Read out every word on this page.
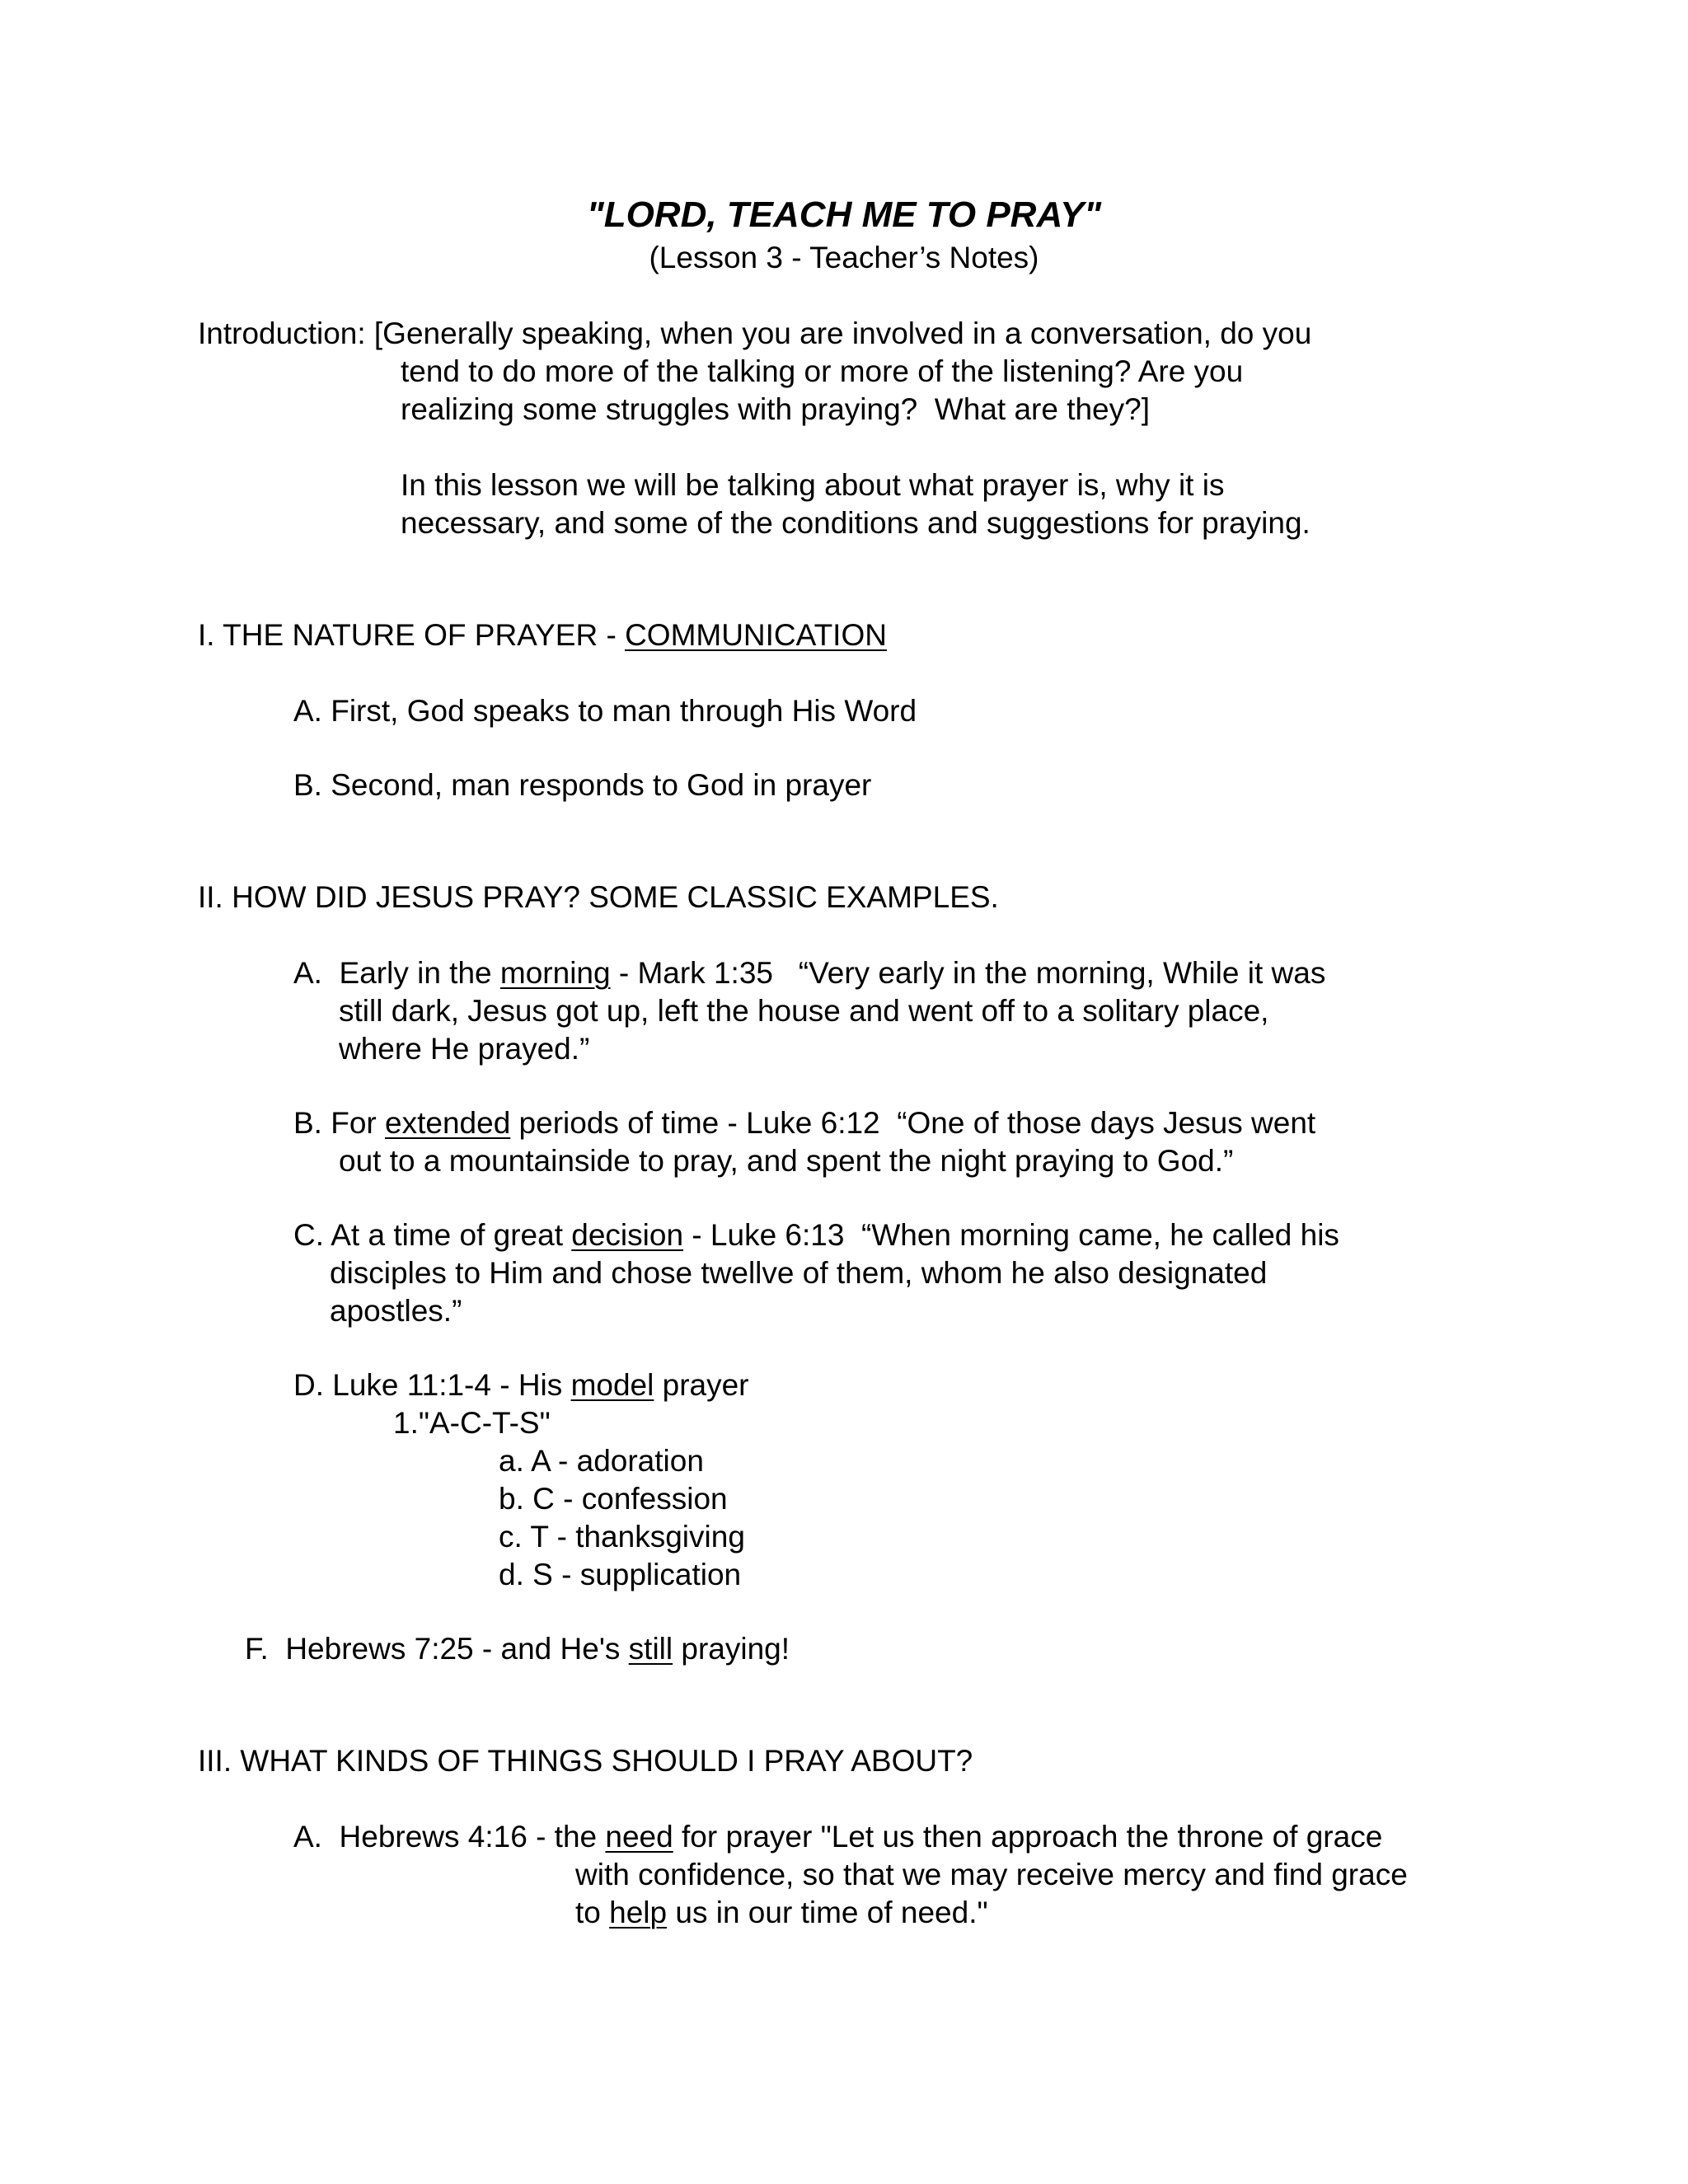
"LORD, TEACH ME TO PRAY"
(Lesson 3 - Teacher’s Notes)
Introduction: [Generally speaking, when you are involved in a conversation, do you
tend to do more of the talking or more of the listening? Are you
realizing some struggles with praying?  What are they?]
In this lesson we will be talking about what prayer is, why it is
necessary, and some of the conditions and suggestions for praying.
I. THE NATURE OF PRAYER - COMMUNICATION
A. First, God speaks to man through His Word
B. Second, man responds to God in prayer
II. HOW DID JESUS PRAY? SOME CLASSIC EXAMPLES.
A.  Early in the morning - Mark 1:35   “Very early in the morning, While it was
still dark, Jesus got up, left the house and went off to a solitary place,
where He prayed.”
B. For extended periods of time - Luke 6:12  “One of those days Jesus went
out to a mountainside to pray, and spent the night praying to God.”
C. At a time of great decision - Luke 6:13  “When morning came, he called his
disciples to Him and chose twellve of them, whom he also designated
apostles.”
D. Luke 11:1-4 - His model prayer
1."A-C-T-S"
a. A - adoration
b. C - confession
c. T - thanksgiving
d. S - supplication
F.  Hebrews 7:25 - and He's still praying!
III. WHAT KINDS OF THINGS SHOULD I PRAY ABOUT?
A.  Hebrews 4:16 - the need for prayer "Let us then approach the throne of grace
with confidence, so that we may receive mercy and find grace
to help us in our time of need."
